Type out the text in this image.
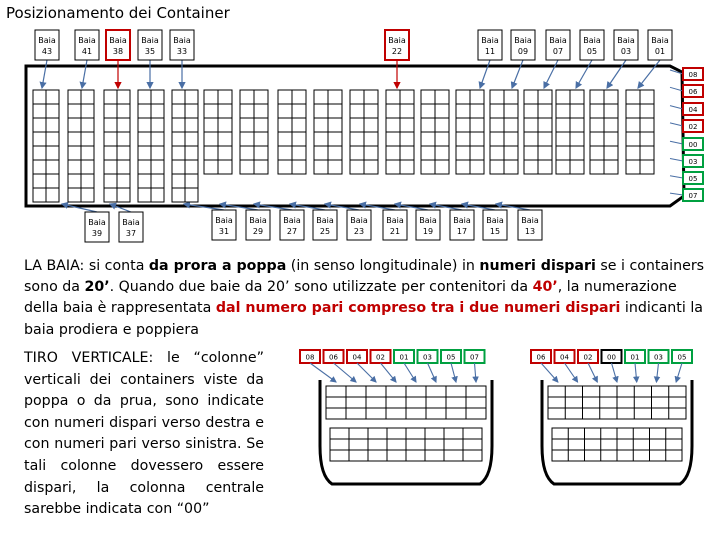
Posizionamento dei Container
Baia
43
Baia
41
Baia
38
Baia
35
Baia
33
Baia
22
Baia
11
Baia
09
Baia
07
Baia
05
Baia
03
Baia
01
Baia
39
Baia
37
Baia
31
Baia
29
Baia
27
Baia
25
Baia
23
Baia
21
Baia
19
Baia
17
Baia
15
Baia
13
08
06
04
02
00
03
05
07
08 06 04 02 01 03 05 07	06 04 02 00 01 03 05
LA BAIA: si conta da prora a poppa (in senso longitudinale) in numeri dispari se i containers sono da 20’. Quando due baie da 20’ sono utilizzate per contenitori da 40’, la numerazione della baia è rappresentata dal numero pari compreso tra i due numeri dispari indicanti la baia prodiera e poppiera
TIRO VERTICALE: le “colonne” verticali dei containers viste da poppa o da prua, sono indicate con numeri dispari verso destra e con numeri pari verso sinistra. Se tali colonne dovessero essere dispari, la colonna centrale sarebbe indicata con “00”
